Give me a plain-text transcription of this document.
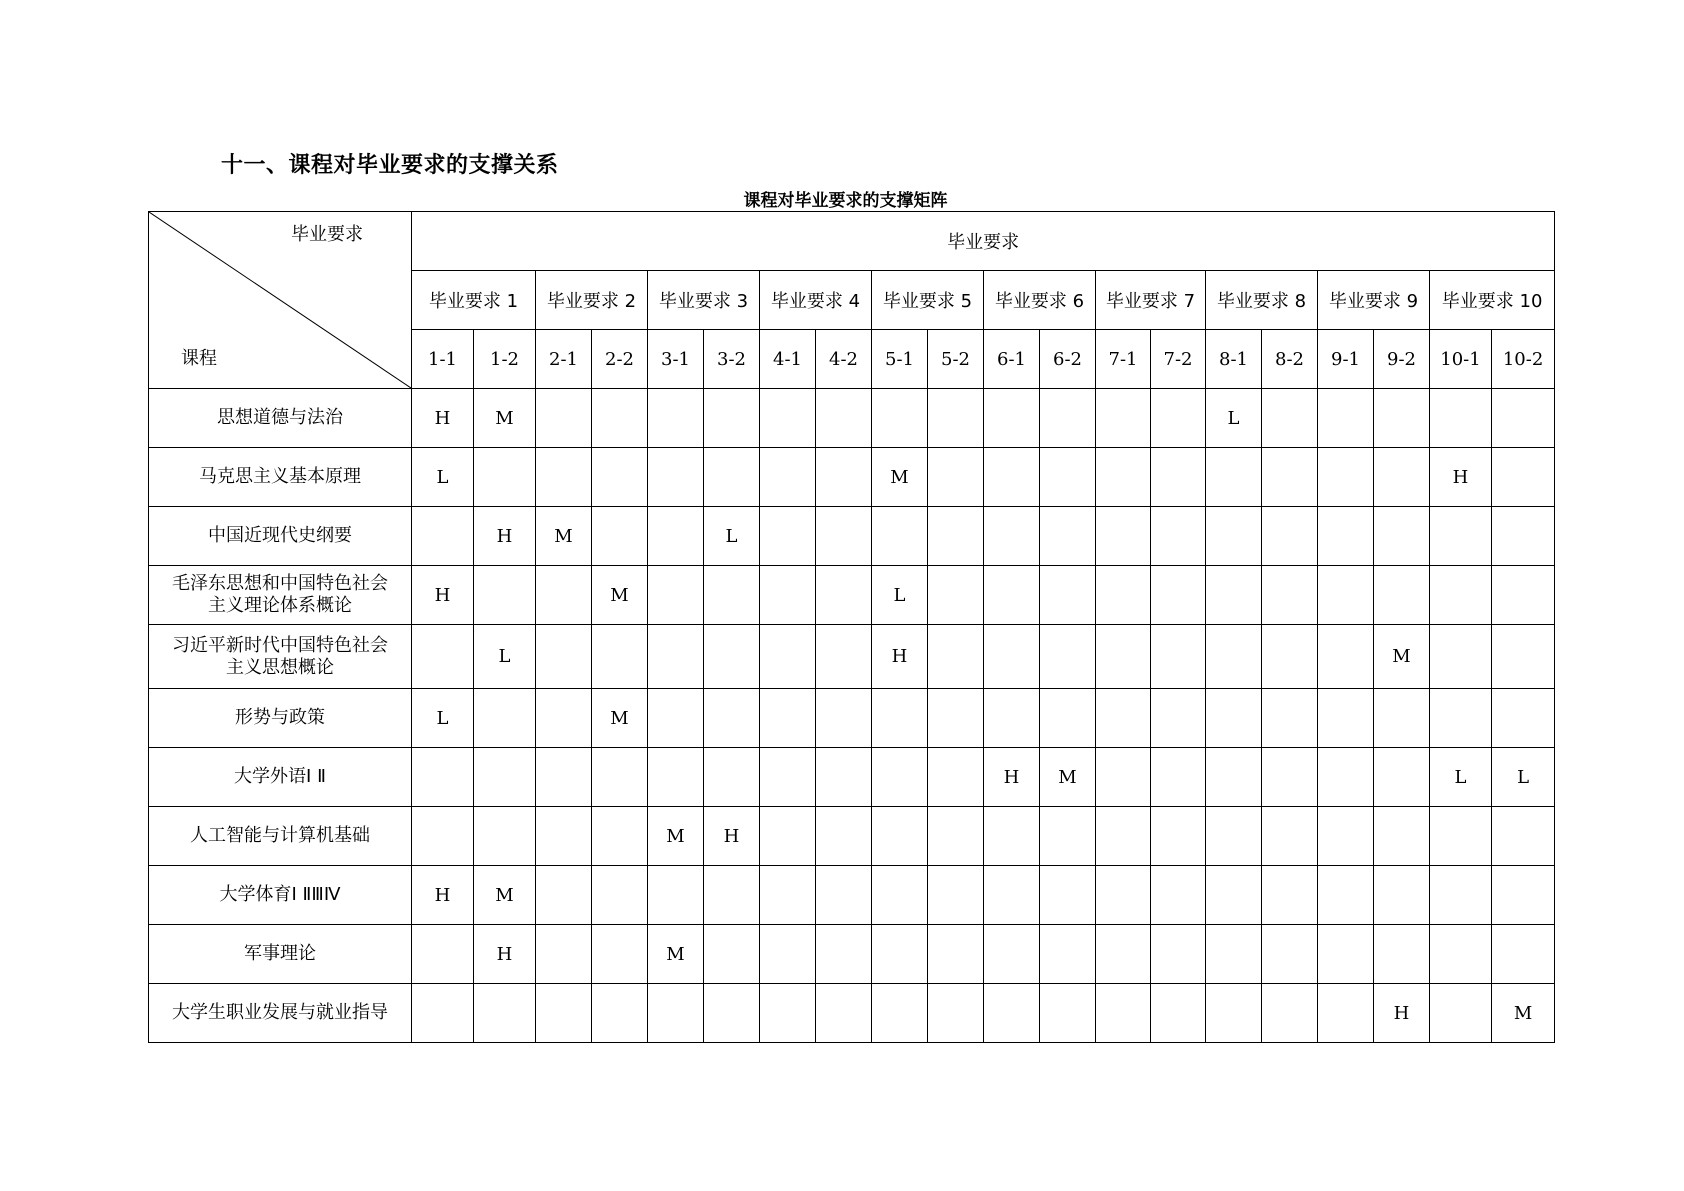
十一、课程对毕业要求的支撑关系
课程对毕业要求的支撑矩阵
毕业要求
课程	毕业要求																			
	毕业要求 1		毕业要求 2		毕业要求 3		毕业要求 4		毕业要求 5		毕业要求 6		毕业要求 7		毕业要求 8		毕业要求 9		毕业要求 10	
	1-1	1-2	2-1	2-2	3-1	3-2	4-1	4-2	5-1	5-2	6-1	6-2	7-1	7-2	8-1	8-2	9-1	9-2	10-1	10-2

思想道德与法治	H	M													L					

马克思主义基本原理	L								M										H	

中国近现代史纲要		H	M			L														

毛泽东思想和中国特色社会
主义理论体系概论	H			M					L											

习近平新时代中国特色社会
主义思想概论		L							H									M		

形势与政策	L			M																

大学外语Ⅰ Ⅱ											H	M							L	L

人工智能与计算机基础					M	H														

大学体育Ⅰ ⅡⅢⅣ	H	M																		

军事理论		H			M															

大学生职业发展与就业指导																		H		M
